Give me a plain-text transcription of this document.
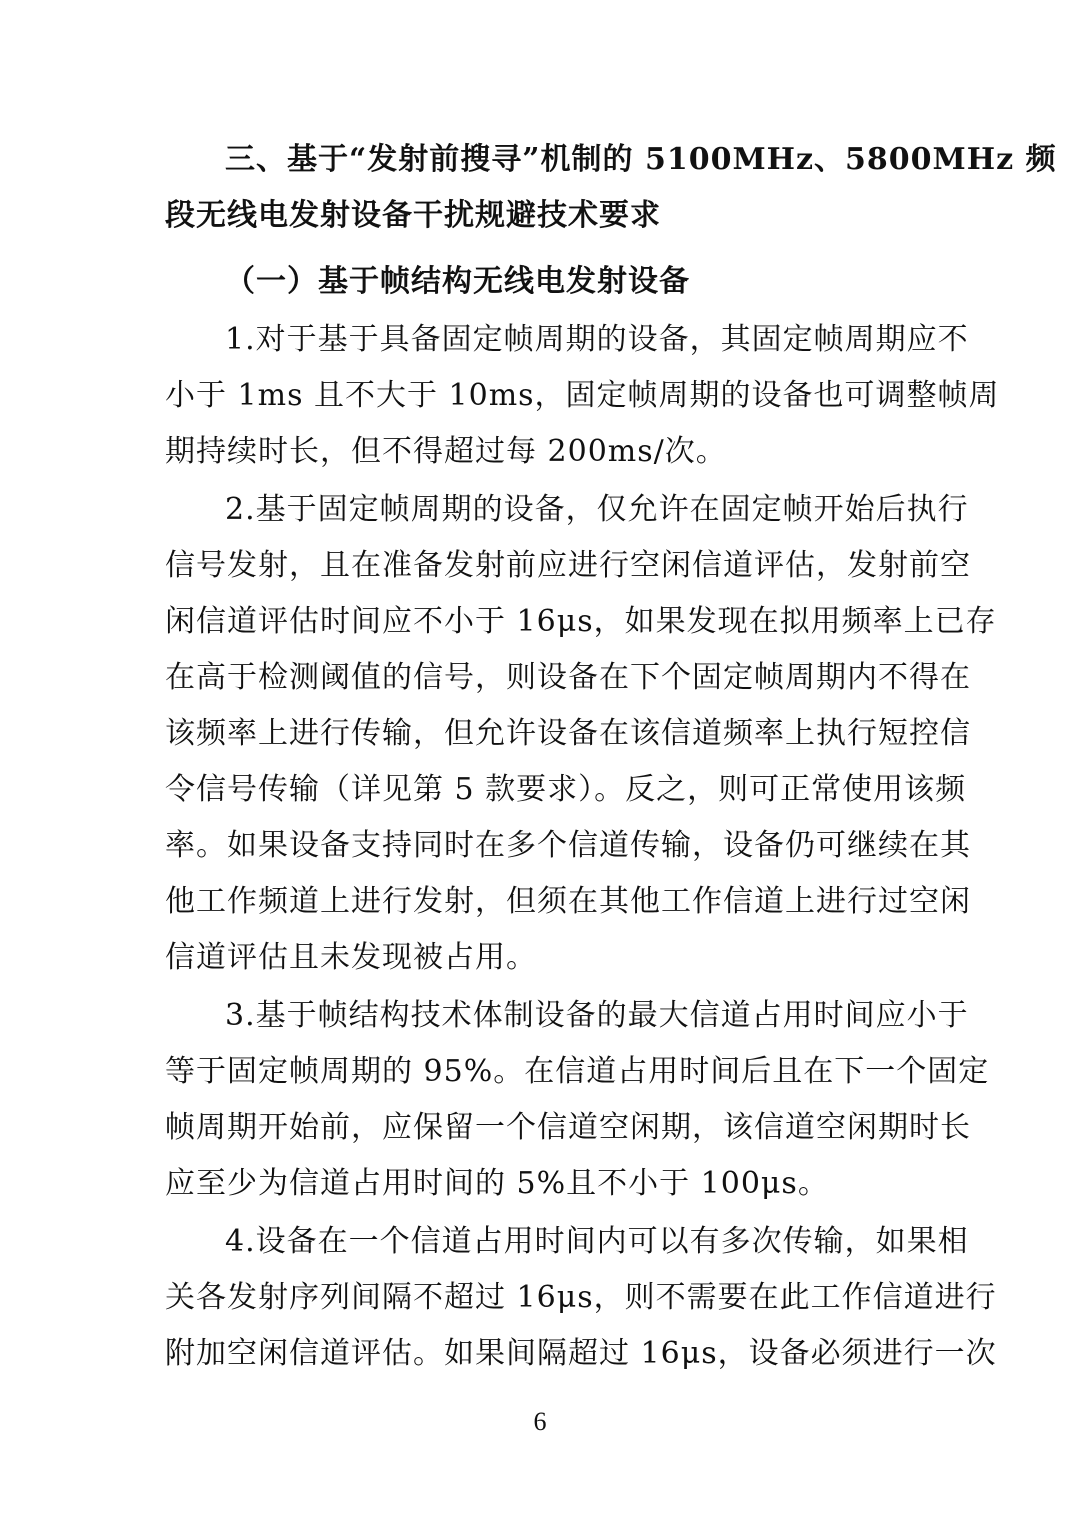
三、基于“发射前搜寻”机制的 5100MHz、5800MHz 频
段无线电发射设备干扰规避技术要求
（一）基于帧结构无线电发射设备
1.对于基于具备固定帧周期的设备，其固定帧周期应不
小于 1ms 且不大于 10ms，固定帧周期的设备也可调整帧周
期持续时长，但不得超过每 200ms/次。
2.基于固定帧周期的设备，仅允许在固定帧开始后执行
信号发射，且在准备发射前应进行空闲信道评估，发射前空
闲信道评估时间应不小于 16μs，如果发现在拟用频率上已存
在高于检测阈值的信号，则设备在下个固定帧周期内不得在
该频率上进行传输，但允许设备在该信道频率上执行短控信
令信号传输（详见第 5 款要求）。反之，则可正常使用该频
率。如果设备支持同时在多个信道传输，设备仍可继续在其
他工作频道上进行发射，但须在其他工作信道上进行过空闲
信道评估且未发现被占用。
3.基于帧结构技术体制设备的最大信道占用时间应小于
等于固定帧周期的 95%。在信道占用时间后且在下一个固定
帧周期开始前，应保留一个信道空闲期，该信道空闲期时长
应至少为信道占用时间的 5%且不小于 100μs。
4.设备在一个信道占用时间内可以有多次传输，如果相
关各发射序列间隔不超过 16μs，则不需要在此工作信道进行
附加空闲信道评估。如果间隔超过 16μs，设备必须进行一次
6
